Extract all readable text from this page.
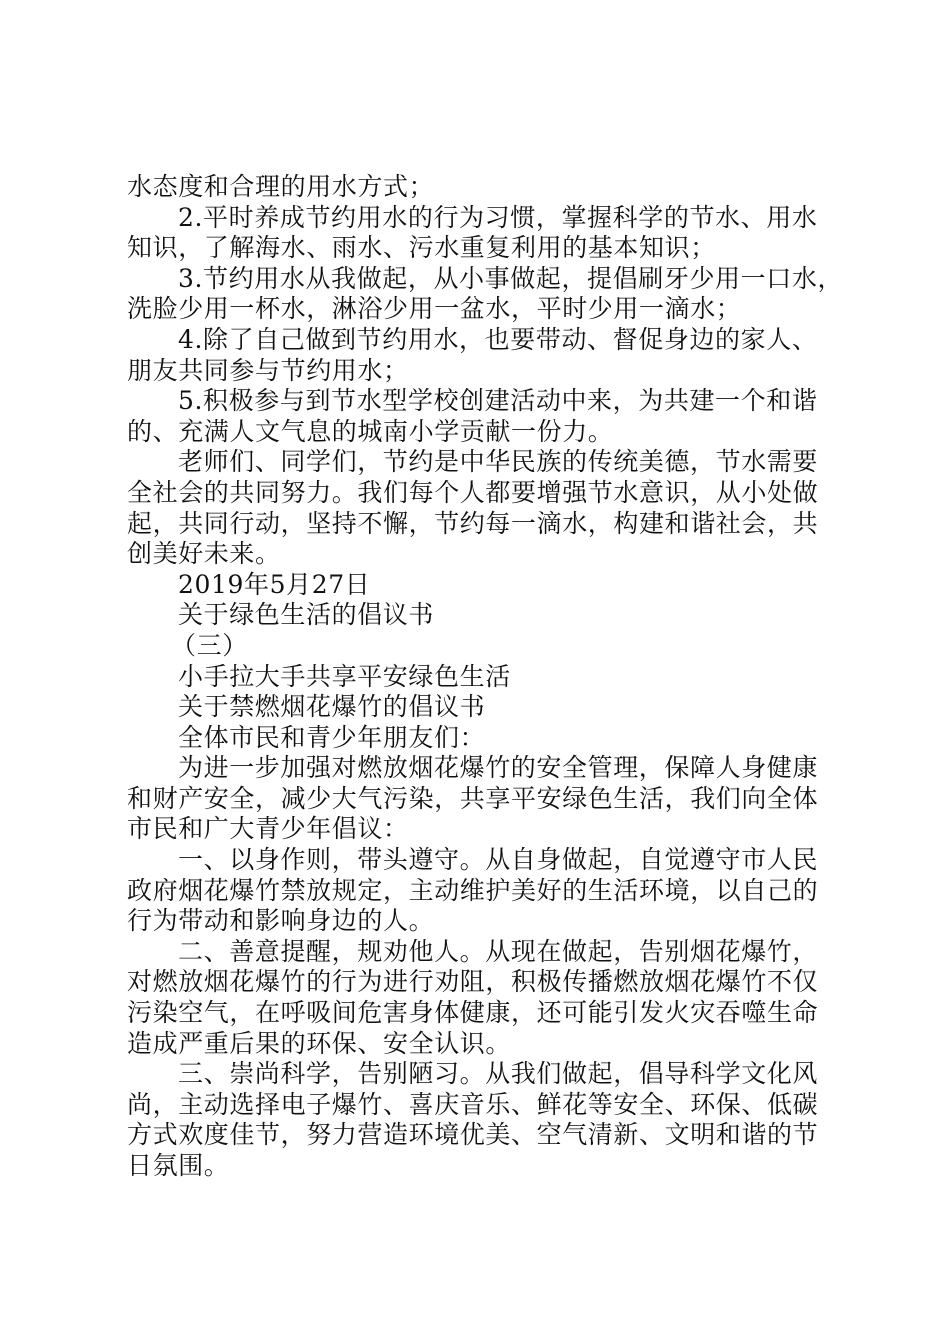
水态度和合理的用水方式；
2.平时养成节约用水的行为习惯，掌握科学的节水、用水
知识，了解海水、雨水、污水重复利用的基本知识；
3.节约用水从我做起，从小事做起，提倡刷牙少用一口水，
洗脸少用一杯水，淋浴少用一盆水，平时少用一滴水；
4.除了自己做到节约用水，也要带动、督促身边的家人、
朋友共同参与节约用水；
5.积极参与到节水型学校创建活动中来，为共建一个和谐
的、充满人文气息的城南小学贡献一份力。
老师们、同学们，节约是中华民族的传统美德，节水需要
全社会的共同努力。我们每个人都要增强节水意识，从小处做
起，共同行动，坚持不懈，节约每一滴水，构建和谐社会，共
创美好未来。
2019年5月27日
关于绿色生活的倡议书
（三）
小手拉大手共享平安绿色生活
关于禁燃烟花爆竹的倡议书
全体市民和青少年朋友们：
为进一步加强对燃放烟花爆竹的安全管理，保障人身健康
和财产安全，减少大气污染，共享平安绿色生活，我们向全体
市民和广大青少年倡议：
一、以身作则，带头遵守。从自身做起，自觉遵守市人民
政府烟花爆竹禁放规定，主动维护美好的生活环境，以自己的
行为带动和影响身边的人。
二、善意提醒，规劝他人。从现在做起，告别烟花爆竹，
对燃放烟花爆竹的行为进行劝阻，积极传播燃放烟花爆竹不仅
污染空气，在呼吸间危害身体健康，还可能引发火灾吞噬生命
造成严重后果的环保、安全认识。
三、崇尚科学，告别陋习。从我们做起，倡导科学文化风
尚，主动选择电子爆竹、喜庆音乐、鲜花等安全、环保、低碳
方式欢度佳节，努力营造环境优美、空气清新、文明和谐的节
日氛围。
